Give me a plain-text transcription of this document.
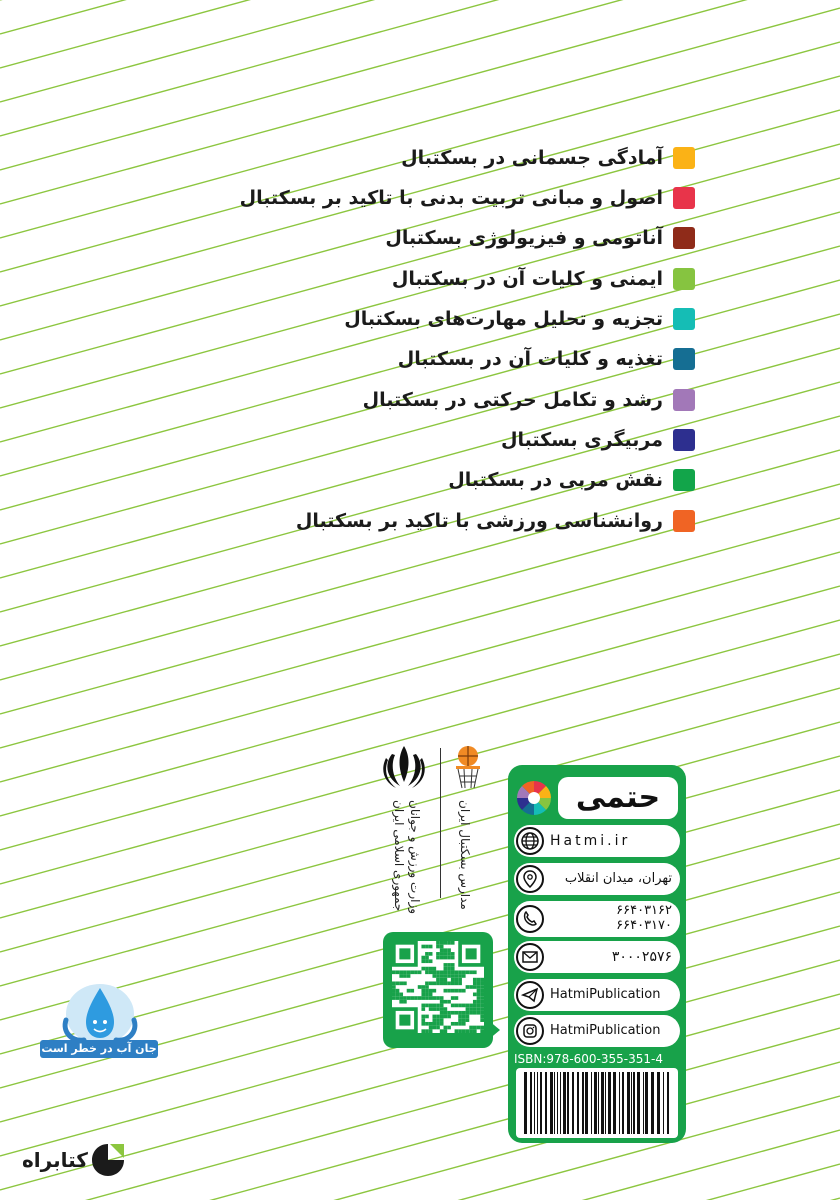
آمادگی جسمانی در بسکتبال
اصول و مبانی تربیت بدنی با تاکید بر بسکتبال
آناتومی و فیزیولوژی بسکتبال
ایمنی و کلیات آن در بسکتبال
تجزیه و تحلیل مهارت‌های بسکتبال
تغذیه و کلیات آن در بسکتبال
رشد و تکامل حرکتی در بسکتبال
مربیگری بسکتبال
نقش مربی در بسکتبال
روانشناسی ورزشی با تاکید بر بسکتبال
جمهوری اسلامی ایران وزارت ورزش و جوانان	مدارس بسکتبال ایران
حتمی
Hatmi.ir
تهران، میدان انقلاب
۶۶۴۰۳۱۶۲
۶۶۴۰۳۱۷۰
۳۰۰۰۲۵۷۶
HatmiPublication
HatmiPublication
ISBN:978-600-355-351-4
جان آب در خطر است
کتابراه
